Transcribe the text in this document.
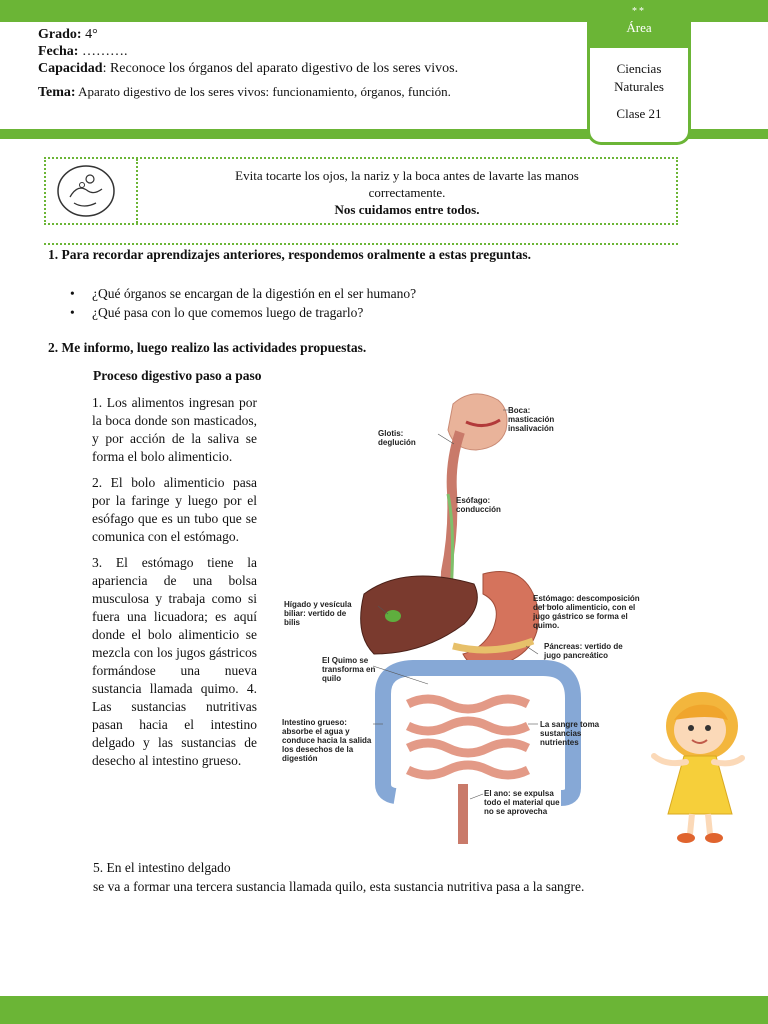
Grado: 4°
Fecha: ……….
Capacidad: Reconoce los órganos del aparato digestivo de los seres vivos.
Tema: Aparato digestivo de los seres vivos: funcionamiento, órganos, función.
**
Área
Ciencias
Naturales
Clase 21
Evita tocarte los ojos, la nariz y la boca antes de lavarte las manos
correctamente.
Nos cuidamos entre todos.
1. Para recordar aprendizajes anteriores, respondemos oralmente a estas preguntas.
• ¿Qué órganos se encargan de la digestión en el ser humano?
• ¿Qué pasa con lo que comemos luego de tragarlo?
2. Me informo, luego realizo las actividades propuestas.
Proceso digestivo paso a paso

1. Los alimentos ingresan por la boca donde son masticados, y por acción de la saliva se forma el bolo alimenticio.

2. El bolo alimenticio pasa por la faringe y luego por el esófago que es un tubo que se comunica con el estómago.

3. El estómago tiene la apariencia de una bolsa musculosa y trabaja como si fuera una licuadora; es aquí donde el bolo alimenticio se mezcla con los jugos gástricos formándose una nueva sustancia llamada quimo. 4. Las sustancias nutritivas pasan hacia el intestino delgado y las sustancias de desecho al intestino grueso.

5. En el intestino delgado
se va a formar una tercera sustancia llamada quilo, esta sustancia nutritiva pasa a la sangre.
Boca: masticación insalivación
Glotis: deglución
Esófago: conducción
Hígado y vesícula biliar: vertido de bilis
Estómago: descomposición del bolo alimenticio, con el jugo gástrico se forma el quimo.
Páncreas: vertido de jugo pancreático
El Quimo se transforma en quilo
Intestino grueso: absorbe el agua y conduce hacia la salida los desechos de la digestión
La sangre toma sustancias nutrientes
El ano: se expulsa todo el material que no se aprovecha
